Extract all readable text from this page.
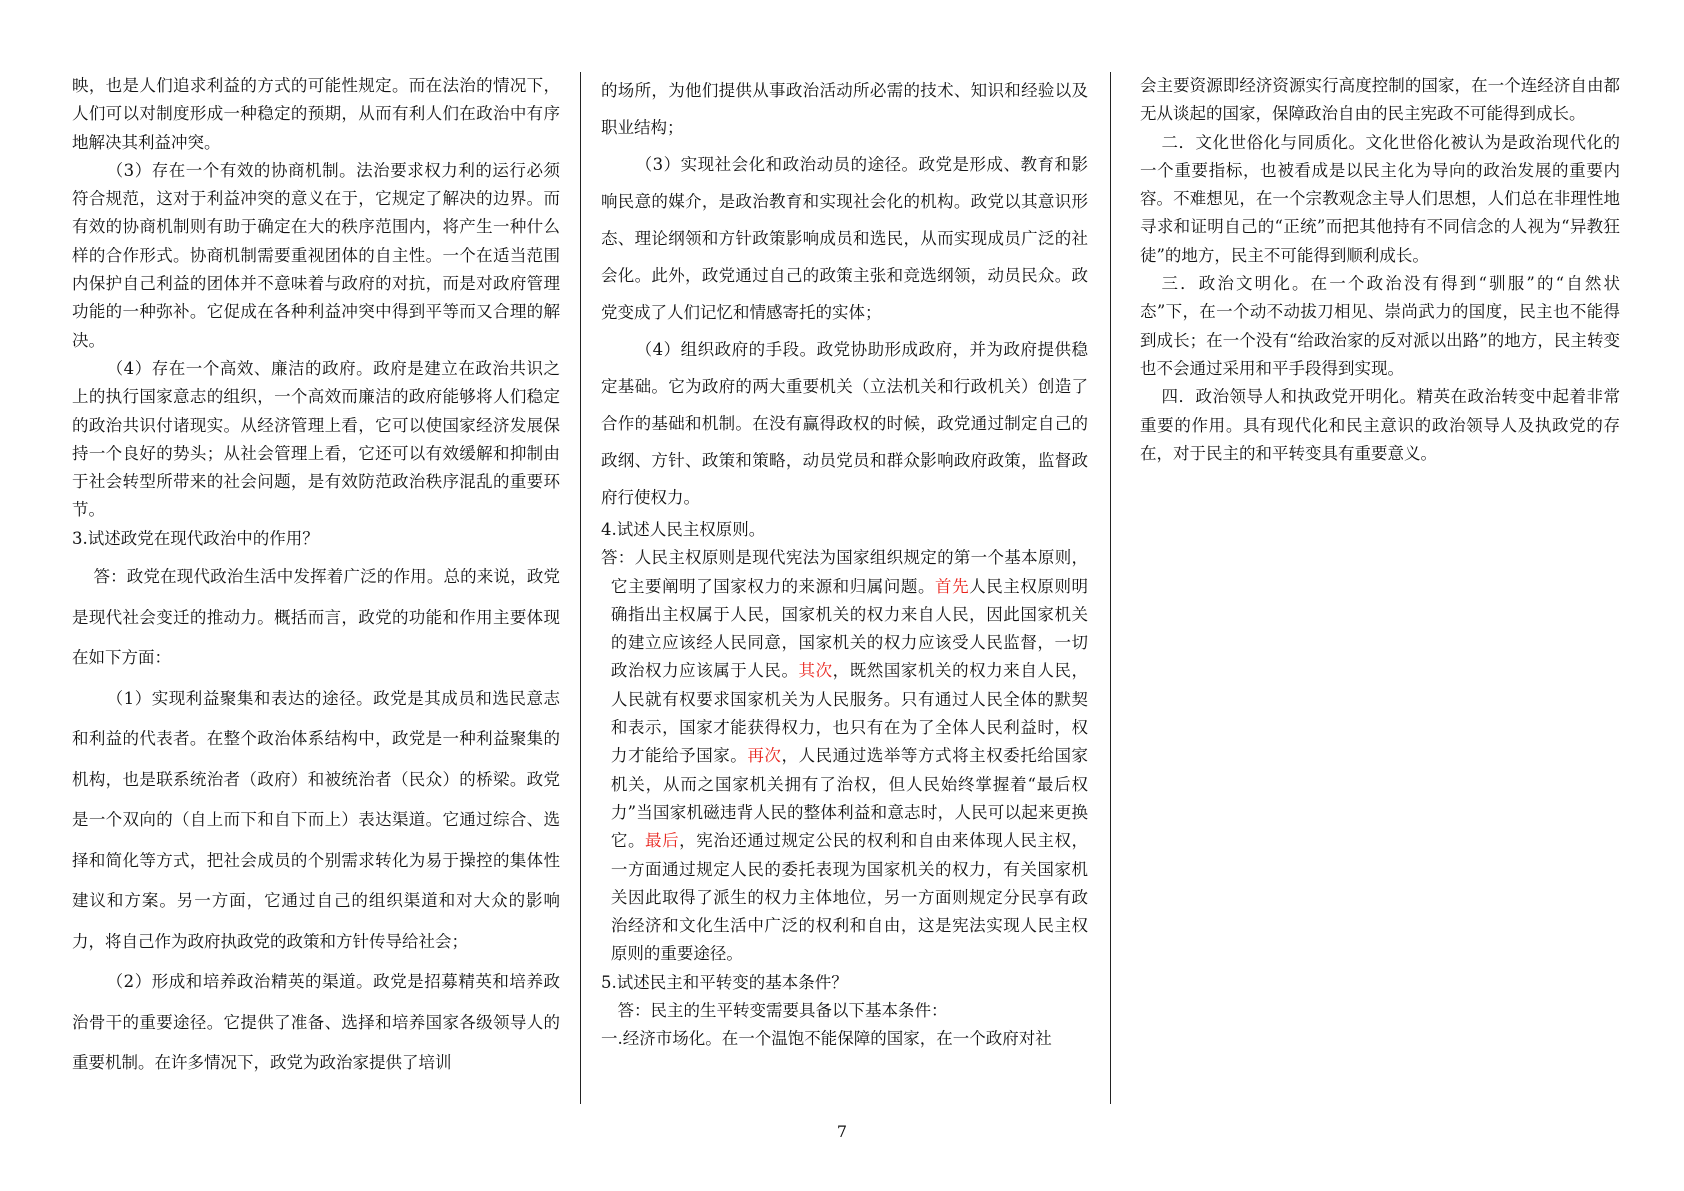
映，也是人们追求利益的方式的可能性规定。而在法治的情况下，人们可以对制度形成一种稳定的预期，从而有利人们在政治中有序地解决其利益冲突。

（3）存在一个有效的协商机制。法治要求权力利的运行必须符合规范，这对于利益冲突的意义在于，它规定了解决的边界。而有效的协商机制则有助于确定在大的秩序范围内，将产生一种什么样的合作形式。协商机制需要重视团体的自主性。一个在适当范围内保护自己利益的团体并不意味着与政府的对抗，而是对政府管理功能的一种弥补。它促成在各种利益冲突中得到平等而又合理的解决。

（4）存在一个高效、廉洁的政府。政府是建立在政治共识之上的执行国家意志的组织，一个高效而廉洁的政府能够将人们稳定的政治共识付诸现实。从经济管理上看，它可以使国家经济发展保持一个良好的势头；从社会管理上看，它还可以有效缓解和抑制由于社会转型所带来的社会问题，是有效防范政治秩序混乱的重要环节。

3.试述政党在现代政治中的作用？

答：政党在现代政治生活中发挥着广泛的作用。总的来说，政党是现代社会变迁的推动力。概括而言，政党的功能和作用主要体现在如下方面：

（1）实现利益聚集和表达的途径。政党是其成员和选民意志和利益的代表者。在整个政治体系结构中，政党是一种利益聚集的机构，也是联系统治者（政府）和被统治者（民众）的桥梁。政党是一个双向的（自上而下和自下而上）表达渠道。它通过综合、选择和简化等方式，把社会成员的个别需求转化为易于操控的集体性建议和方案。另一方面，它通过自己的组织渠道和对大众的影响力，将自己作为政府执政党的政策和方针传导给社会；

（2）形成和培养政治精英的渠道。政党是招募精英和培养政治骨干的重要途径。它提供了准备、选择和培养国家各级领导人的重要机制。在许多情况下，政党为政治家提供了培训

的场所，为他们提供从事政治活动所必需的技术、知识和经验以及职业结构；

（3）实现社会化和政治动员的途径。政党是形成、教育和影响民意的媒介，是政治教育和实现社会化的机构。政党以其意识形态、理论纲领和方针政策影响成员和选民，从而实现成员广泛的社会化。此外，政党通过自己的政策主张和竞选纲领，动员民众。政党变成了人们记忆和情感寄托的实体；

（4）组织政府的手段。政党协助形成政府，并为政府提供稳定基础。它为政府的两大重要机关（立法机关和行政机关）创造了合作的基础和机制。在没有赢得政权的时候，政党通过制定自己的政纲、方针、政策和策略，动员党员和群众影响政府政策，监督政府行使权力。

4.试述人民主权原则。

答：人民主权原则是现代宪法为国家组织规定的第一个基本原则，它主要阐明了国家权力的来源和归属问题。首先人民主权原则明确指出主权属于人民，国家机关的权力来自人民，因此国家机关的建立应该经人民同意，国家机关的权力应该受人民监督，一切政治权力应该属于人民。其次，既然国家机关的权力来自人民，人民就有权要求国家机关为人民服务。只有通过人民全体的默契和表示，国家才能获得权力，也只有在为了全体人民利益时，权力才能给予国家。再次，人民通过选举等方式将主权委托给国家机关，从而之国家机关拥有了治权，但人民始终掌握着“最后权力”当国家机磁违背人民的整体利益和意志时，人民可以起来更换它。最后，宪治还通过规定公民的权利和自由来体现人民主权，一方面通过规定人民的委托表现为国家机关的权力，有关国家机关因此取得了派生的权力主体地位，另一方面则规定分民享有政治经济和文化生活中广泛的权利和自由，这是宪法实现人民主权原则的重要途径。

5.试述民主和平转变的基本条件？

答：民主的生平转变需要具备以下基本条件：

一.经济市场化。在一个温饱不能保障的国家，在一个政府对社

会主要资源即经济资源实行高度控制的国家，在一个连经济自由都无从谈起的国家，保障政治自由的民主宪政不可能得到成长。

二．文化世俗化与同质化。文化世俗化被认为是政治现代化的一个重要指标，也被看成是以民主化为导向的政治发展的重要内容。不难想见，在一个宗教观念主导人们思想，人们总在非理性地寻求和证明自己的“正统”而把其他持有不同信念的人视为“异教狂徒”的地方，民主不可能得到顺利成长。

三．政治文明化。在一个政治没有得到“驯服”的“自然状态”下，在一个动不动拔刀相见、崇尚武力的国度，民主也不能得到成长；在一个没有“给政治家的反对派以出路”的地方，民主转变也不会通过采用和平手段得到实现。

四．政治领导人和执政党开明化。精英在政治转变中起着非常重要的作用。具有现代化和民主意识的政治领导人及执政党的存在，对于民主的和平转变具有重要意义。

7
